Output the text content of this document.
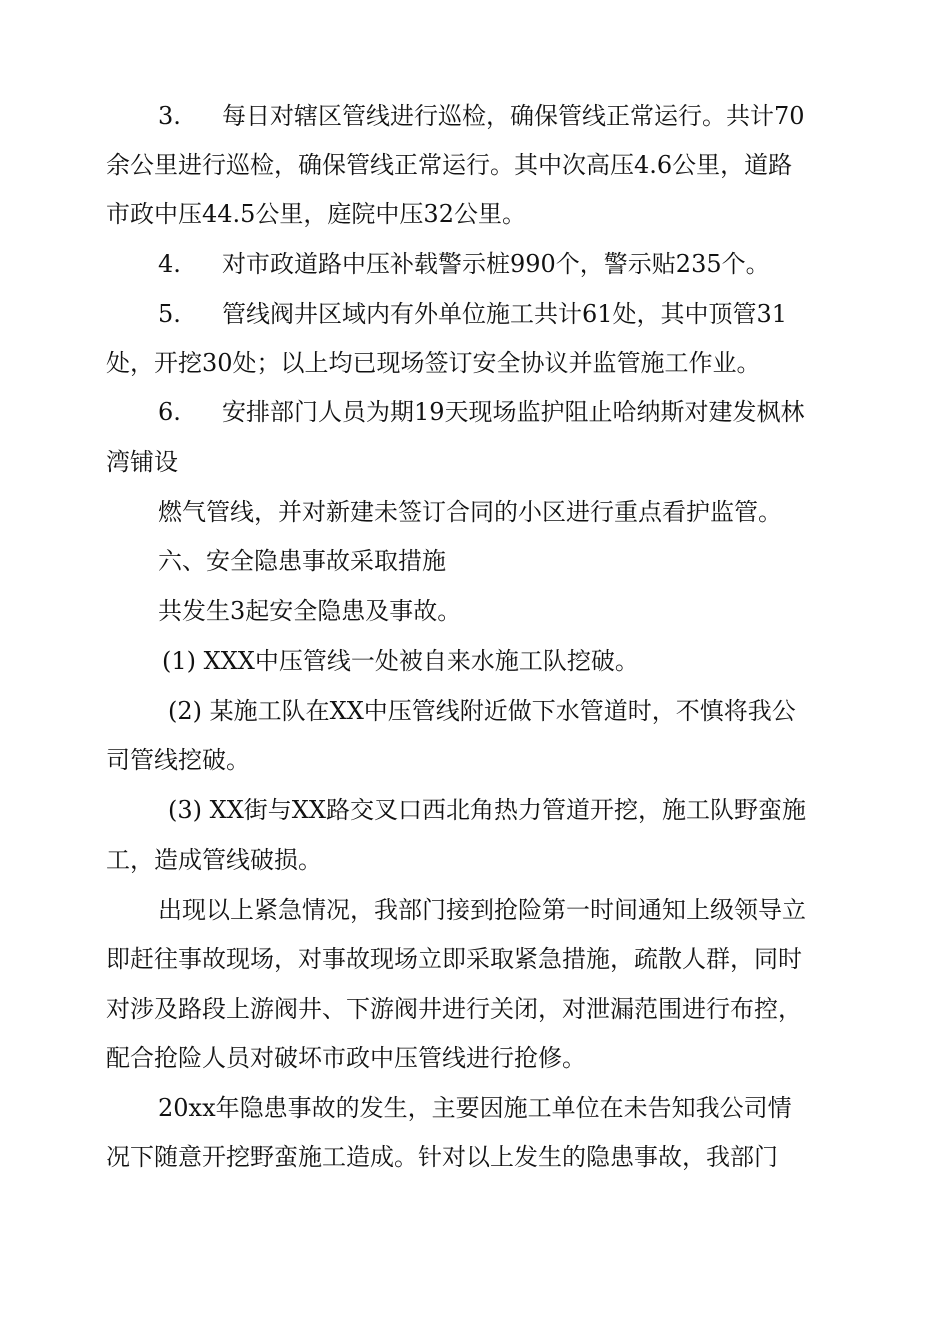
3. 每日对辖区管线进行巡检，确保管线正常运行。共计70
余公里进行巡检，确保管线正常运行。其中次高压4.6公里，道路
市政中压44.5公里，庭院中压32公里。
4. 对市政道路中压补载警示桩990个，警示贴235个。
5. 管线阀井区域内有外单位施工共计61处，其中顶管31
处，开挖30处；以上均已现场签订安全协议并监管施工作业。
6. 安排部门人员为期19天现场监护阻止哈纳斯对建发枫林
湾铺设
燃气管线，并对新建未签订合同的小区进行重点看护监管。
六、安全隐患事故采取措施
共发生3起安全隐患及事故。
(1) XXX中压管线一处被自来水施工队挖破。
(2) 某施工队在XX中压管线附近做下水管道时，不慎将我公
司管线挖破。
(3) XX街与XX路交叉口西北角热力管道开挖，施工队野蛮施
工，造成管线破损。
出现以上紧急情况，我部门接到抢险第一时间通知上级领导立
即赶往事故现场，对事故现场立即采取紧急措施，疏散人群，同时
对涉及路段上游阀井、下游阀井进行关闭，对泄漏范围进行布控，
配合抢险人员对破坏市政中压管线进行抢修。
20xx年隐患事故的发生，主要因施工单位在未告知我公司情
况下随意开挖野蛮施工造成。针对以上发生的隐患事故，我部门
